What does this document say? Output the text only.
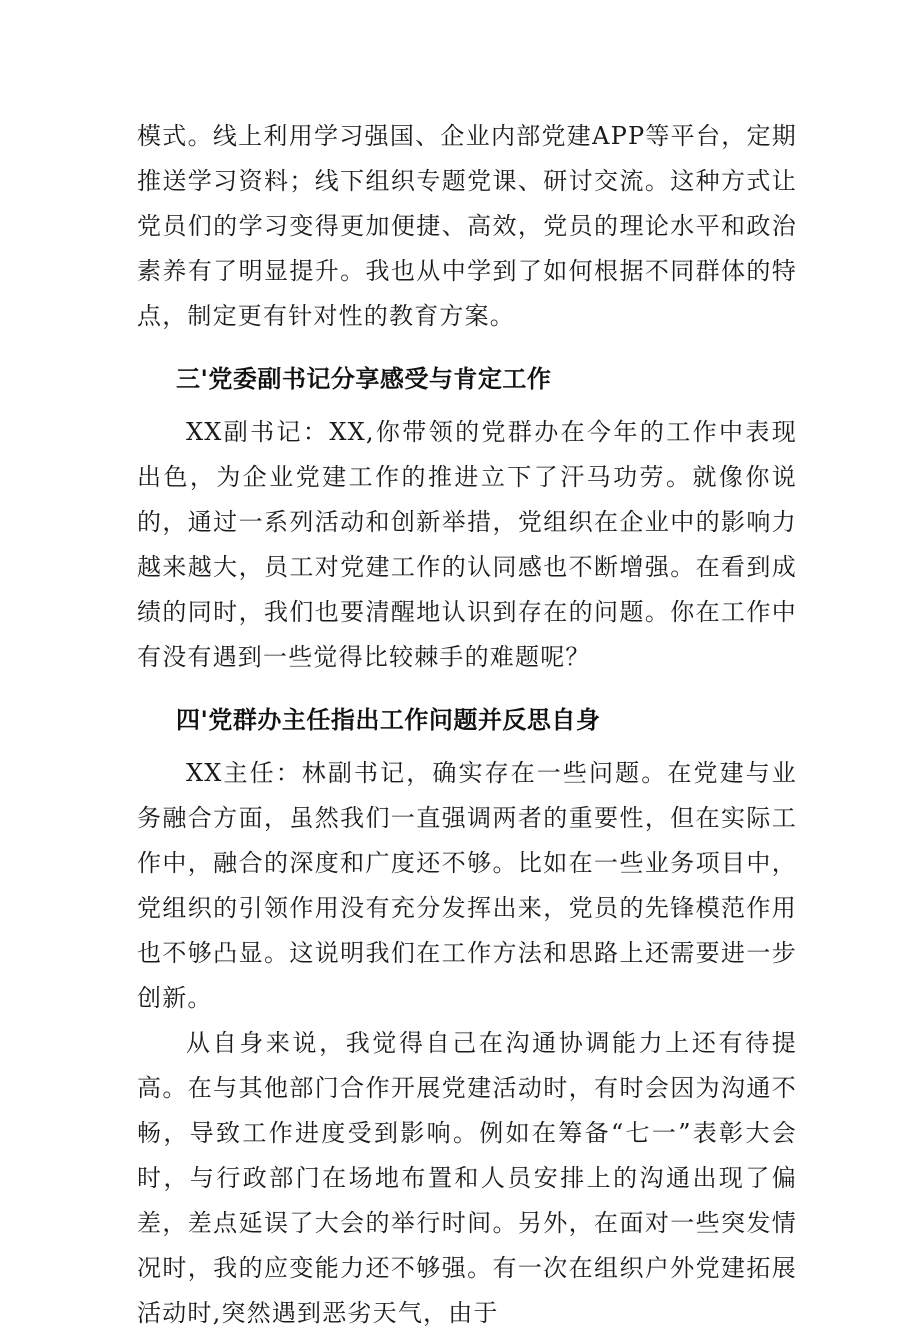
模式。线上利用学习强国、企业内部党建APP等平台，定期推送学习资料；线下组织专题党课、研讨交流。这种方式让党员们的学习变得更加便捷、高效，党员的理论水平和政治素养有了明显提升。我也从中学到了如何根据不同群体的特点，制定更有针对性的教育方案。

三'党委副书记分享感受与肯定工作

XX副书记：XX,你带领的党群办在今年的工作中表现出色，为企业党建工作的推进立下了汗马功劳。就像你说的，通过一系列活动和创新举措，党组织在企业中的影响力越来越大，员工对党建工作的认同感也不断增强。在看到成绩的同时，我们也要清醒地认识到存在的问题。你在工作中有没有遇到一些觉得比较棘手的难题呢？

四'党群办主任指出工作问题并反思自身

XX主任：林副书记，确实存在一些问题。在党建与业务融合方面，虽然我们一直强调两者的重要性，但在实际工作中，融合的深度和广度还不够。比如在一些业务项目中，党组织的引领作用没有充分发挥出来，党员的先锋模范作用也不够凸显。这说明我们在工作方法和思路上还需要进一步创新。

从自身来说，我觉得自己在沟通协调能力上还有待提高。在与其他部门合作开展党建活动时，有时会因为沟通不畅，导致工作进度受到影响。例如在筹备“七一”表彰大会时，与行政部门在场地布置和人员安排上的沟通出现了偏差，差点延误了大会的举行时间。另外，在面对一些突发情况时，我的应变能力还不够强。有一次在组织户外党建拓展活动时,突然遇到恶劣天气，由于
